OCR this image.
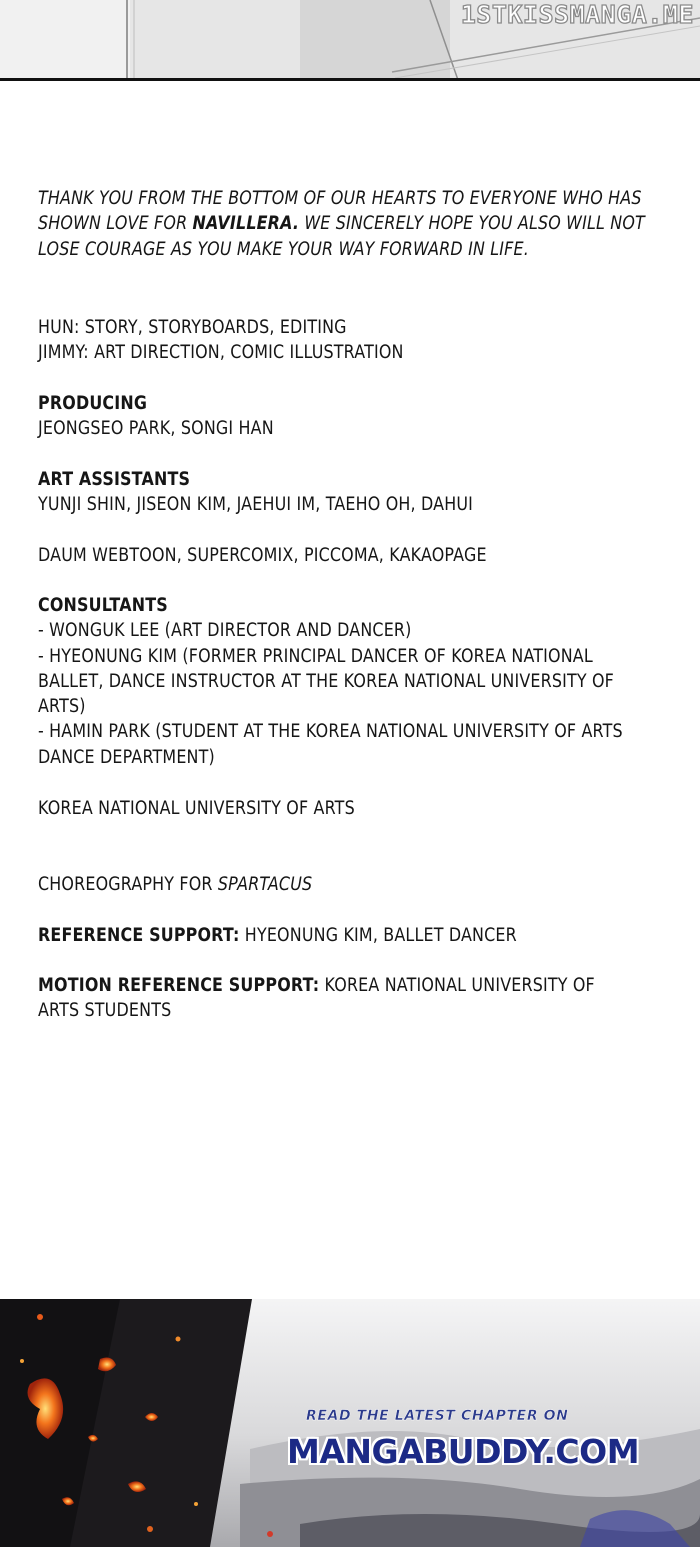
1STKISSMANGA.ME
THANK YOU FROM THE BOTTOM OF OUR HEARTS TO EVERYONE WHO HAS
SHOWN LOVE FOR NAVILLERA. WE SINCERELY HOPE YOU ALSO WILL NOT
LOSE COURAGE AS YOU MAKE YOUR WAY FORWARD IN LIFE.
HUN: STORY, STORYBOARDS, EDITING
JIMMY: ART DIRECTION, COMIC ILLUSTRATION
PRODUCING
JEONGSEO PARK, SONGI HAN
ART ASSISTANTS
YUNJI SHIN, JISEON KIM, JAEHUI IM, TAEHO OH, DAHUI
DAUM WEBTOON, SUPERCOMIX, PICCOMA, KAKAOPAGE
CONSULTANTS
- WONGUK LEE (ART DIRECTOR AND DANCER)
- HYEONUNG KIM (FORMER PRINCIPAL DANCER OF KOREA NATIONAL
BALLET, DANCE INSTRUCTOR AT THE KOREA NATIONAL UNIVERSITY OF
ARTS)
- HAMIN PARK (STUDENT AT THE KOREA NATIONAL UNIVERSITY OF ARTS
DANCE DEPARTMENT)
KOREA NATIONAL UNIVERSITY OF ARTS
CHOREOGRAPHY FOR SPARTACUS
REFERENCE SUPPORT: HYEONUNG KIM, BALLET DANCER
MOTION REFERENCE SUPPORT: KOREA NATIONAL UNIVERSITY OF
ARTS STUDENTS
READ THE LATEST CHAPTER ON
MANGABUDDY.COM
